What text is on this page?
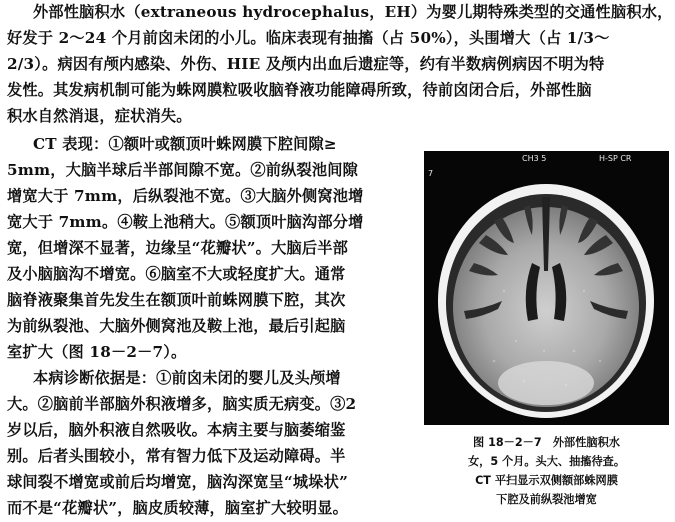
外部性脑积水（extraneous hydrocephalus，EH）为婴儿期特殊类型的交通性脑积水，
好发于 2～24 个月前囟未闭的小儿。临床表现有抽搐（占 50%），头围增大（占 1/3～
2/3）。病因有颅内感染、外伤、HIE 及颅内出血后遗症等，约有半数病例病因不明为特
发性。其发病机制可能为蛛网膜粒吸收脑脊液功能障碍所致，待前囟闭合后，外部性脑
积水自然消退，症状消失。
CT 表现：①额叶或额顶叶蛛网膜下腔间隙≥
5mm，大脑半球后半部间隙不宽。②前纵裂池间隙
增宽大于 7mm，后纵裂池不宽。③大脑外侧窝池增
宽大于 7mm。④鞍上池稍大。⑤额顶叶脑沟部分增
宽，但增深不显著，边缘呈“花瓣状”。大脑后半部
及小脑脑沟不增宽。⑥脑室不大或轻度扩大。通常
脑脊液聚集首先发生在额顶叶前蛛网膜下腔，其次
为前纵裂池、大脑外侧窝池及鞍上池，最后引起脑
室扩大（图 18－2－7）。
本病诊断依据是：①前囟未闭的婴儿及头颅增
大。②脑前半部脑外积液增多，脑实质无病变。③2
岁以后，脑外积液自然吸收。本病主要与脑萎缩鉴
别。后者头围较小，常有智力低下及运动障碍。半
球间裂不增宽或前后均增宽，脑沟深宽呈“城垛状”
而不是“花瓣状”，脑皮质较薄，脑室扩大较明显。
CH3 5	H-SP CR
7
图 18－2－7　外部性脑积水
女，5 个月。头大、抽搐待查。
CT 平扫显示双侧额部蛛网膜
下腔及前纵裂池增宽
